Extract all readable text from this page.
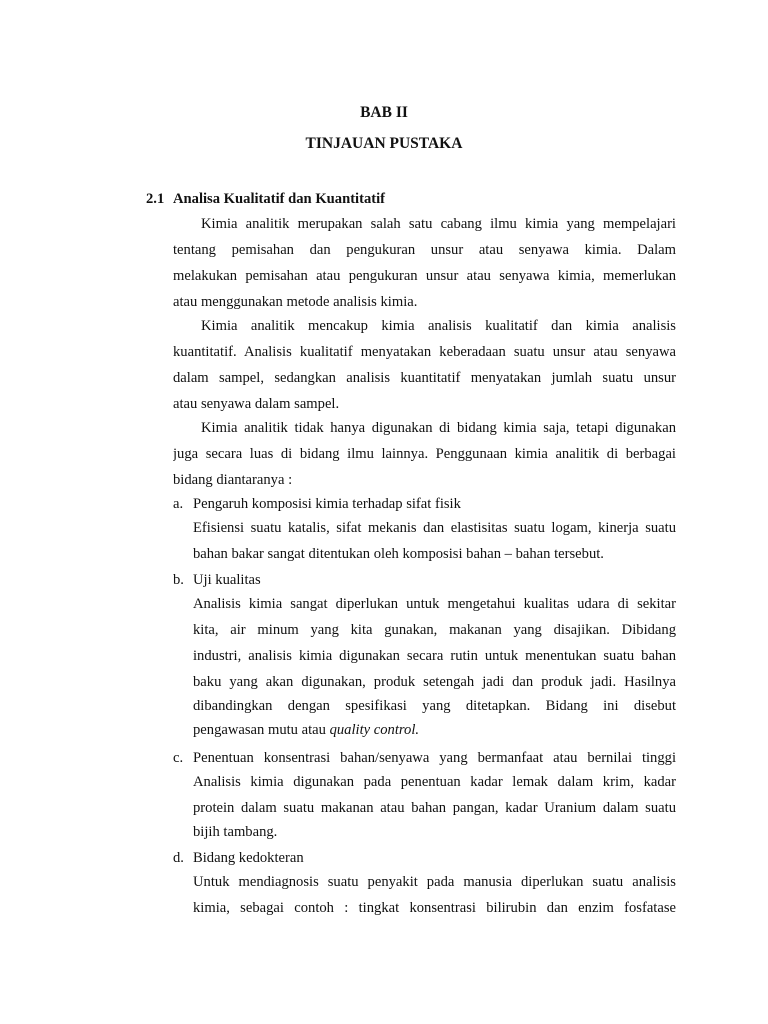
BAB II
TINJAUAN PUSTAKA
2.1 Analisa Kualitatif dan Kuantitatif
Kimia analitik merupakan salah satu cabang ilmu kimia yang mempelajari
tentang pemisahan dan pengukuran unsur atau senyawa kimia. Dalam
melakukan pemisahan atau pengukuran unsur atau senyawa kimia, memerlukan
atau menggunakan metode analisis kimia.
Kimia analitik mencakup kimia analisis kualitatif dan kimia analisis
kuantitatif. Analisis kualitatif menyatakan keberadaan suatu unsur atau senyawa
dalam sampel, sedangkan analisis kuantitatif menyatakan jumlah suatu unsur
atau senyawa dalam sampel.
Kimia analitik tidak hanya digunakan di bidang kimia saja, tetapi digunakan
juga secara luas di bidang ilmu lainnya. Penggunaan kimia analitik di berbagai
bidang diantaranya :
a. Pengaruh komposisi kimia terhadap sifat fisik
Efisiensi suatu katalis, sifat mekanis dan elastisitas suatu logam, kinerja suatu
bahan bakar sangat ditentukan oleh komposisi bahan – bahan tersebut.
b. Uji kualitas
Analisis kimia sangat diperlukan untuk mengetahui kualitas udara di sekitar
kita, air minum yang kita gunakan, makanan yang disajikan. Dibidang
industri, analisis kimia digunakan secara rutin untuk menentukan suatu bahan
baku yang akan digunakan, produk setengah jadi dan produk jadi. Hasilnya
dibandingkan dengan spesifikasi yang ditetapkan. Bidang ini disebut
pengawasan mutu atau quality control.
c. Penentuan konsentrasi bahan/senyawa yang bermanfaat atau bernilai tinggi
Analisis kimia digunakan pada penentuan kadar lemak dalam krim, kadar
protein dalam suatu makanan atau bahan pangan, kadar Uranium dalam suatu
bijih tambang.
d. Bidang kedokteran
Untuk mendiagnosis suatu penyakit pada manusia diperlukan suatu analisis
kimia, sebagai contoh : tingkat konsentrasi bilirubin dan enzim fosfatase
